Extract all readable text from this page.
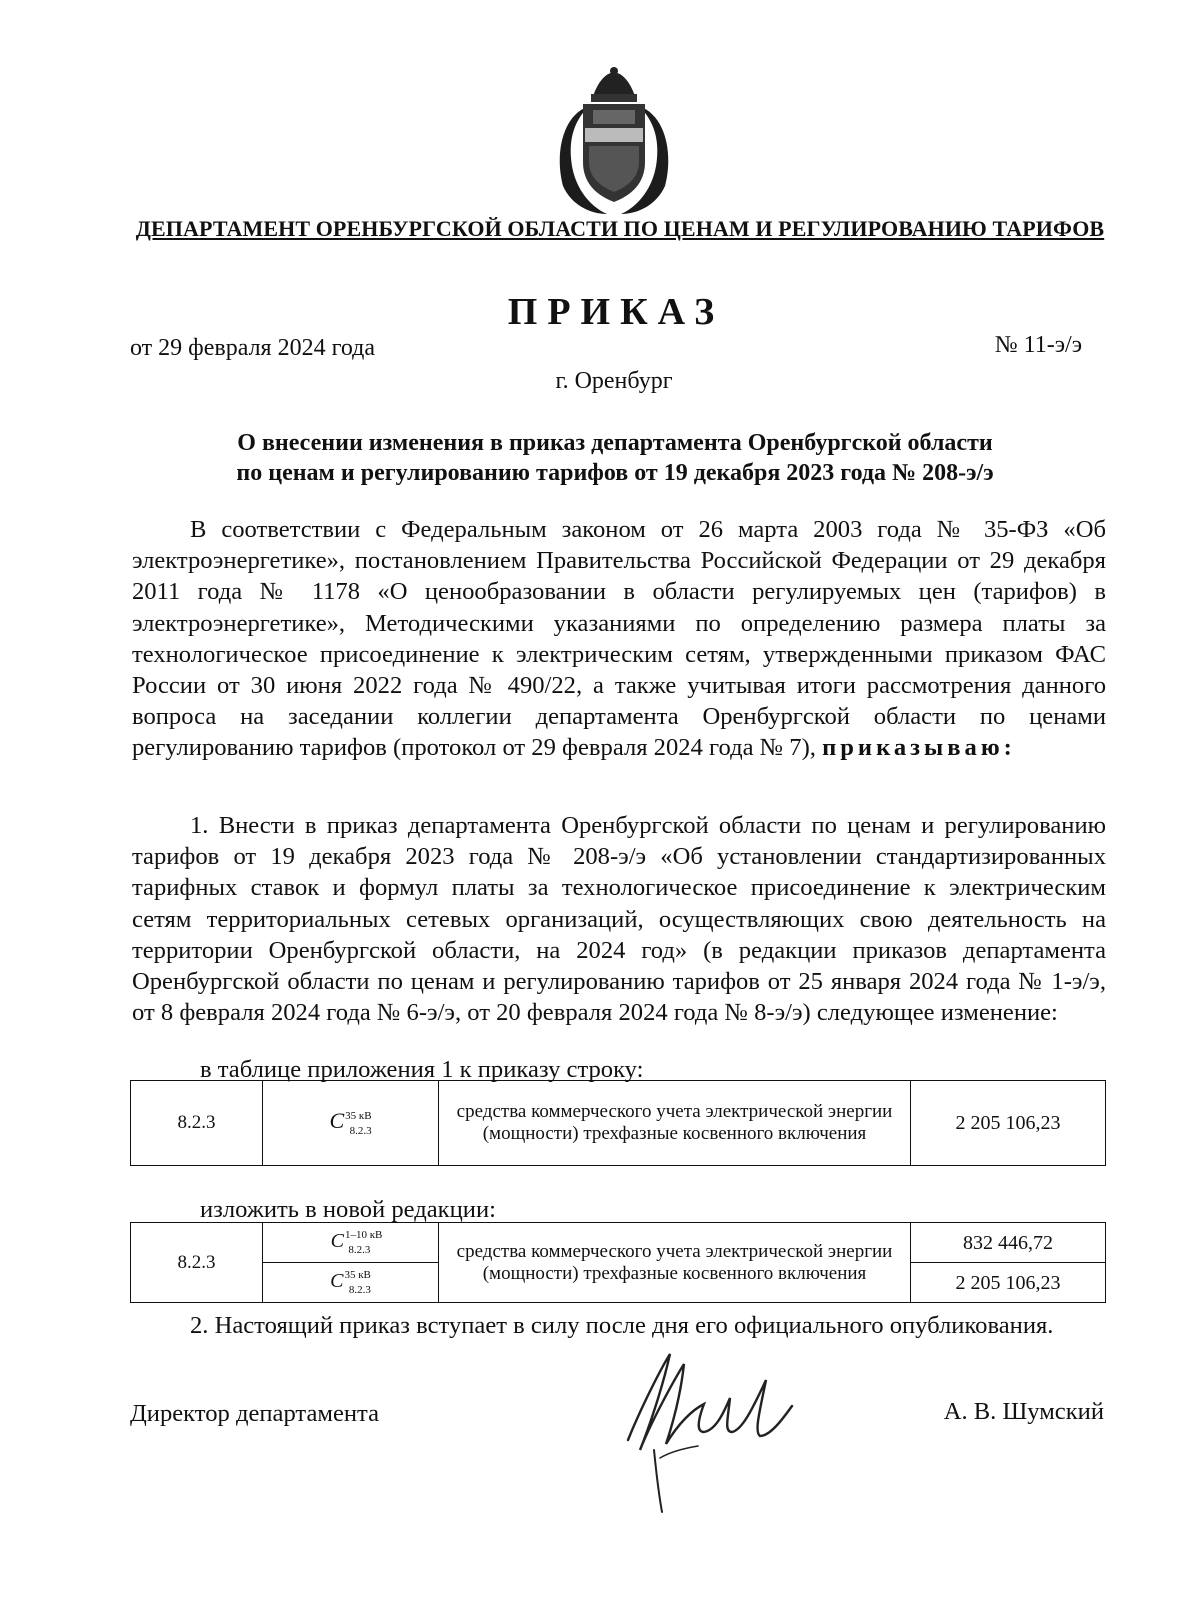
ДЕПАРТАМЕНТ ОРЕНБУРГСКОЙ ОБЛАСТИ ПО ЦЕНАМ И РЕГУЛИРОВАНИЮ ТАРИФОВ
ПРИКАЗ
от 29 февраля 2024 года	№ 11-э/э
г. Оренбург
О внесении изменения в приказ департамента Оренбургской области
по ценам и регулированию тарифов от 19 декабря 2023 года № 208-э/э

В соответствии с Федеральным законом от 26 марта 2003 года № 35-ФЗ «Об электроэнергетике», постановлением Правительства Российской Федерации от 29 декабря 2011 года № 1178 «О ценообразовании в области регулируемых цен (тарифов) в электроэнергетике», Методическими указаниями по определению размера платы за технологическое присоединение к электрическим сетям, утвержденными приказом ФАС России от 30 июня 2022 года № 490/22, а также учитывая итоги рассмотрения данного вопроса на заседании коллегии департамента Оренбургской области по ценами регулированию тарифов (протокол от 29 февраля 2024 года № 7), приказываю:

1. Внести в приказ департамента Оренбургской области по ценам и регулированию тарифов от 19 декабря 2023 года № 208-э/э «Об установлении стандартизированных тарифных ставок и формул платы за технологическое присоединение к электрическим сетям территориальных сетевых организаций, осуществляющих свою деятельность на территории Оренбургской области, на 2024 год» (в редакции приказов департамента Оренбургской области по ценам и регулированию тарифов от 25 января 2024 года № 1-э/э, от 8 февраля 2024 года № 6-э/э, от 20 февраля 2024 года № 8-э/э) следующее изменение:

в таблице приложения 1 к приказу строку:
8.2.3	$C^{35 кВ}_{8.2.3}$	средства коммерческого учета электрической энергии (мощности) трехфазные косвенного включения	2 205 106,23
изложить в новой редакции:
8.2.3	$C^{1-10 кВ}_{8.2.3}$	средства коммерческого учета электрической энергии (мощности) трехфазные косвенного включения	832 446,72
	$C^{35 кВ}_{8.2.3}$		2 205 106,23

2. Настоящий приказ вступает в силу после дня его официального опубликования.

Директор департамента	А. В. Шумский
